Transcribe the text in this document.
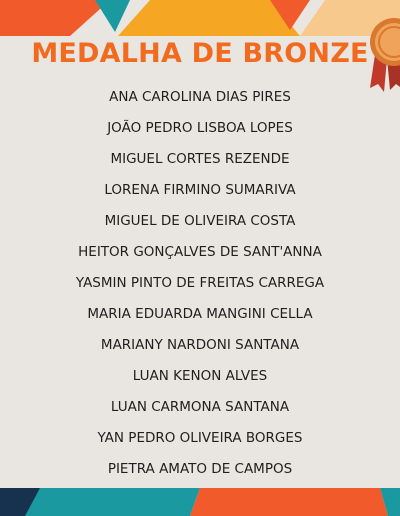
MEDALHA DE BRONZE
ANA CAROLINA DIAS PIRES
JOÃO PEDRO LISBOA LOPES
MIGUEL CORTES REZENDE
LORENA FIRMINO SUMARIVA
MIGUEL DE OLIVEIRA COSTA
HEITOR GONÇALVES DE SANT'ANNA
YASMIN PINTO DE FREITAS CARREGA
MARIA EDUARDA MANGINI CELLA
MARIANY NARDONI SANTANA
LUAN KENON ALVES
LUAN CARMONA SANTANA
YAN PEDRO OLIVEIRA BORGES
PIETRA AMATO DE CAMPOS
